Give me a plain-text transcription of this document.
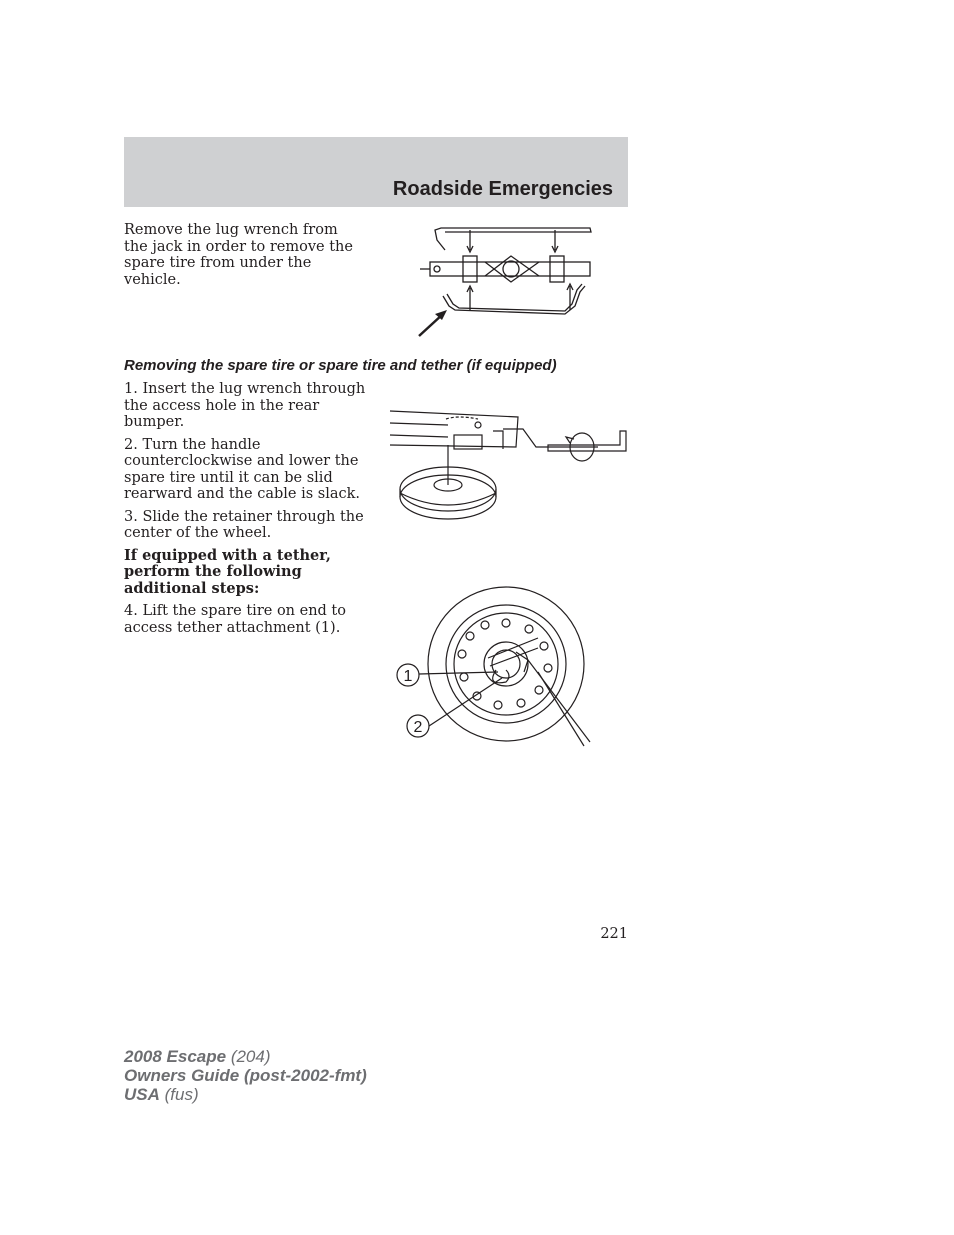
Roadside Emergencies

Remove the lug wrench from the jack in order to remove the spare tire from under the vehicle.

Removing the spare tire or spare tire and tether (if equipped)

1. Insert the lug wrench through the access hole in the rear bumper.

2. Turn the handle counterclockwise and lower the spare tire until it can be slid rearward and the cable is slack.

3. Slide the retainer through the center of the wheel.

If equipped with a tether, perform the following additional steps:

4. Lift the spare tire on end to access tether attachment (1).

1
2
221
2008 Escape (204)
Owners Guide (post-2002-fmt)
USA (fus)
